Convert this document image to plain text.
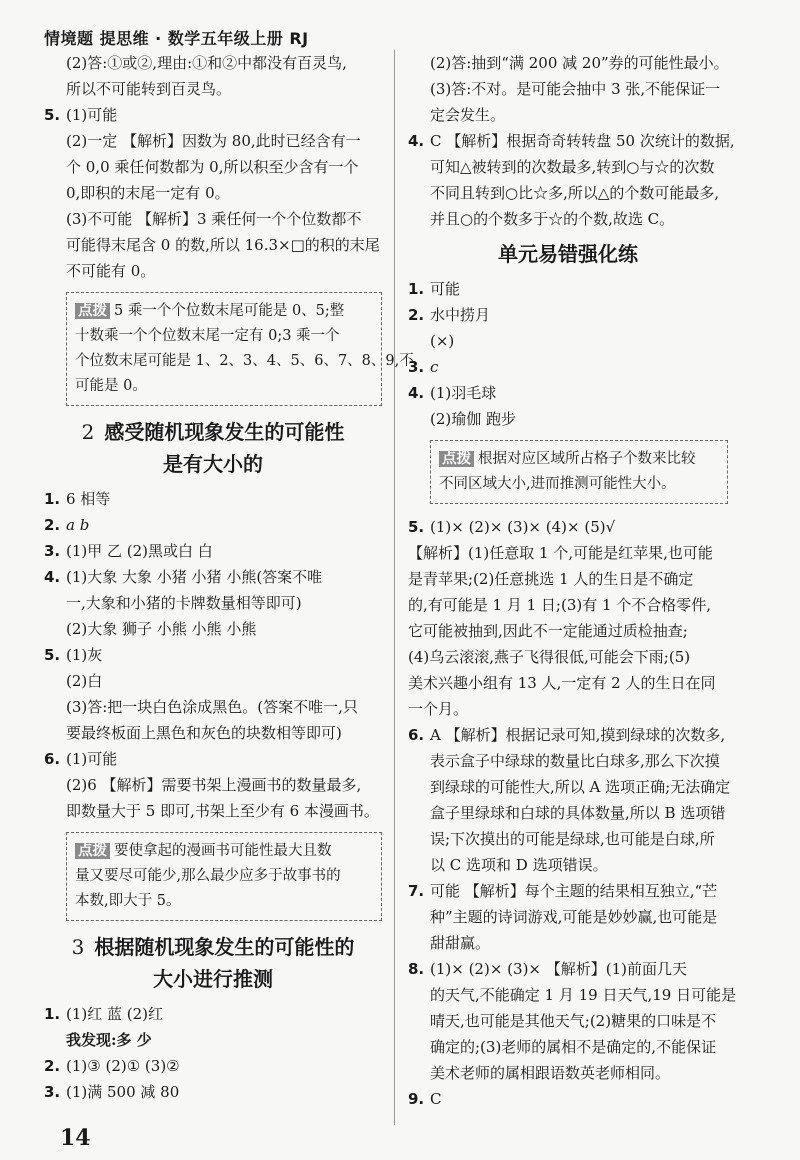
情境题 提思维 · 数学五年级上册 RJ
(2)答:①或②,理由:①和②中都没有百灵鸟,
所以不可能转到百灵鸟。
5. (1)可能
(2)一定 【解析】因数为 80,此时已经含有一
个 0,0 乘任何数都为 0,所以积至少含有一个
0,即积的末尾一定有 0。
(3)不可能 【解析】3 乘任何一个个位数都不
可能得末尾含 0 的数,所以 16.3×□的积的末尾
不可能有 0。
点拨 5 乘一个个位数末尾可能是 0、5;整
十数乘一个个位数末尾一定有 0;3 乘一个
个位数末尾可能是 1、2、3、4、5、6、7、8、9,不
可能是 0。
2 感受随机现象发生的可能性
是有大小的
1. 6 相等
2. a b
3. (1)甲 乙 (2)黑或白 白
4. (1)大象 大象 小猪 小猪 小熊(答案不唯
一,大象和小猪的卡牌数量相等即可)
(2)大象 狮子 小熊 小熊 小熊
5. (1)灰
(2)白
(3)答:把一块白色涂成黑色。(答案不唯一,只
要最终板面上黑色和灰色的块数相等即可)
6. (1)可能
(2)6 【解析】需要书架上漫画书的数量最多,
即数量大于 5 即可,书架上至少有 6 本漫画书。
点拨 要使拿起的漫画书可能性最大且数
量又要尽可能少,那么最少应多于故事书的
本数,即大于 5。
3 根据随机现象发生的可能性的
大小进行推测
1. (1)红 蓝 (2)红
我发现:多 少
2. (1)③ (2)① (3)②
3. (1)满 500 减 80
(2)答:抽到“满 200 减 20”券的可能性最小。
(3)答:不对。是可能会抽中 3 张,不能保证一
定会发生。
4. C 【解析】根据奇奇转转盘 50 次统计的数据,
可知△被转到的次数最多,转到○与☆的次数
不同且转到○比☆多,所以△的个数可能最多,
并且○的个数多于☆的个数,故选 C。
单元易错强化练
1. 可能
2. 水中捞月
(×)
3. c
4. (1)羽毛球
(2)瑜伽 跑步
点拨 根据对应区域所占格子个数来比较
不同区域大小,进而推测可能性大小。
5. (1)× (2)× (3)× (4)× (5)√
【解析】(1)任意取 1 个,可能是红苹果,也可能
是青苹果;(2)任意挑选 1 人的生日是不确定
的,有可能是 1 月 1 日;(3)有 1 个不合格零件,
它可能被抽到,因此不一定能通过质检抽查;
(4)乌云滚滚,燕子飞得很低,可能会下雨;(5)
美术兴趣小组有 13 人,一定有 2 人的生日在同
一个月。
6. A 【解析】根据记录可知,摸到绿球的次数多,
表示盒子中绿球的数量比白球多,那么下次摸
到绿球的可能性大,所以 A 选项正确;无法确定
盒子里绿球和白球的具体数量,所以 B 选项错
误;下次摸出的可能是绿球,也可能是白球,所
以 C 选项和 D 选项错误。
7. 可能 【解析】每个主题的结果相互独立,“芒
种”主题的诗词游戏,可能是妙妙赢,也可能是
甜甜赢。
8. (1)× (2)× (3)× 【解析】(1)前面几天
的天气,不能确定 1 月 19 日天气,19 日可能是
晴天,也可能是其他天气;(2)糖果的口味是不
确定的;(3)老师的属相不是确定的,不能保证
美术老师的属相跟语数英老师相同。
9. C
14
